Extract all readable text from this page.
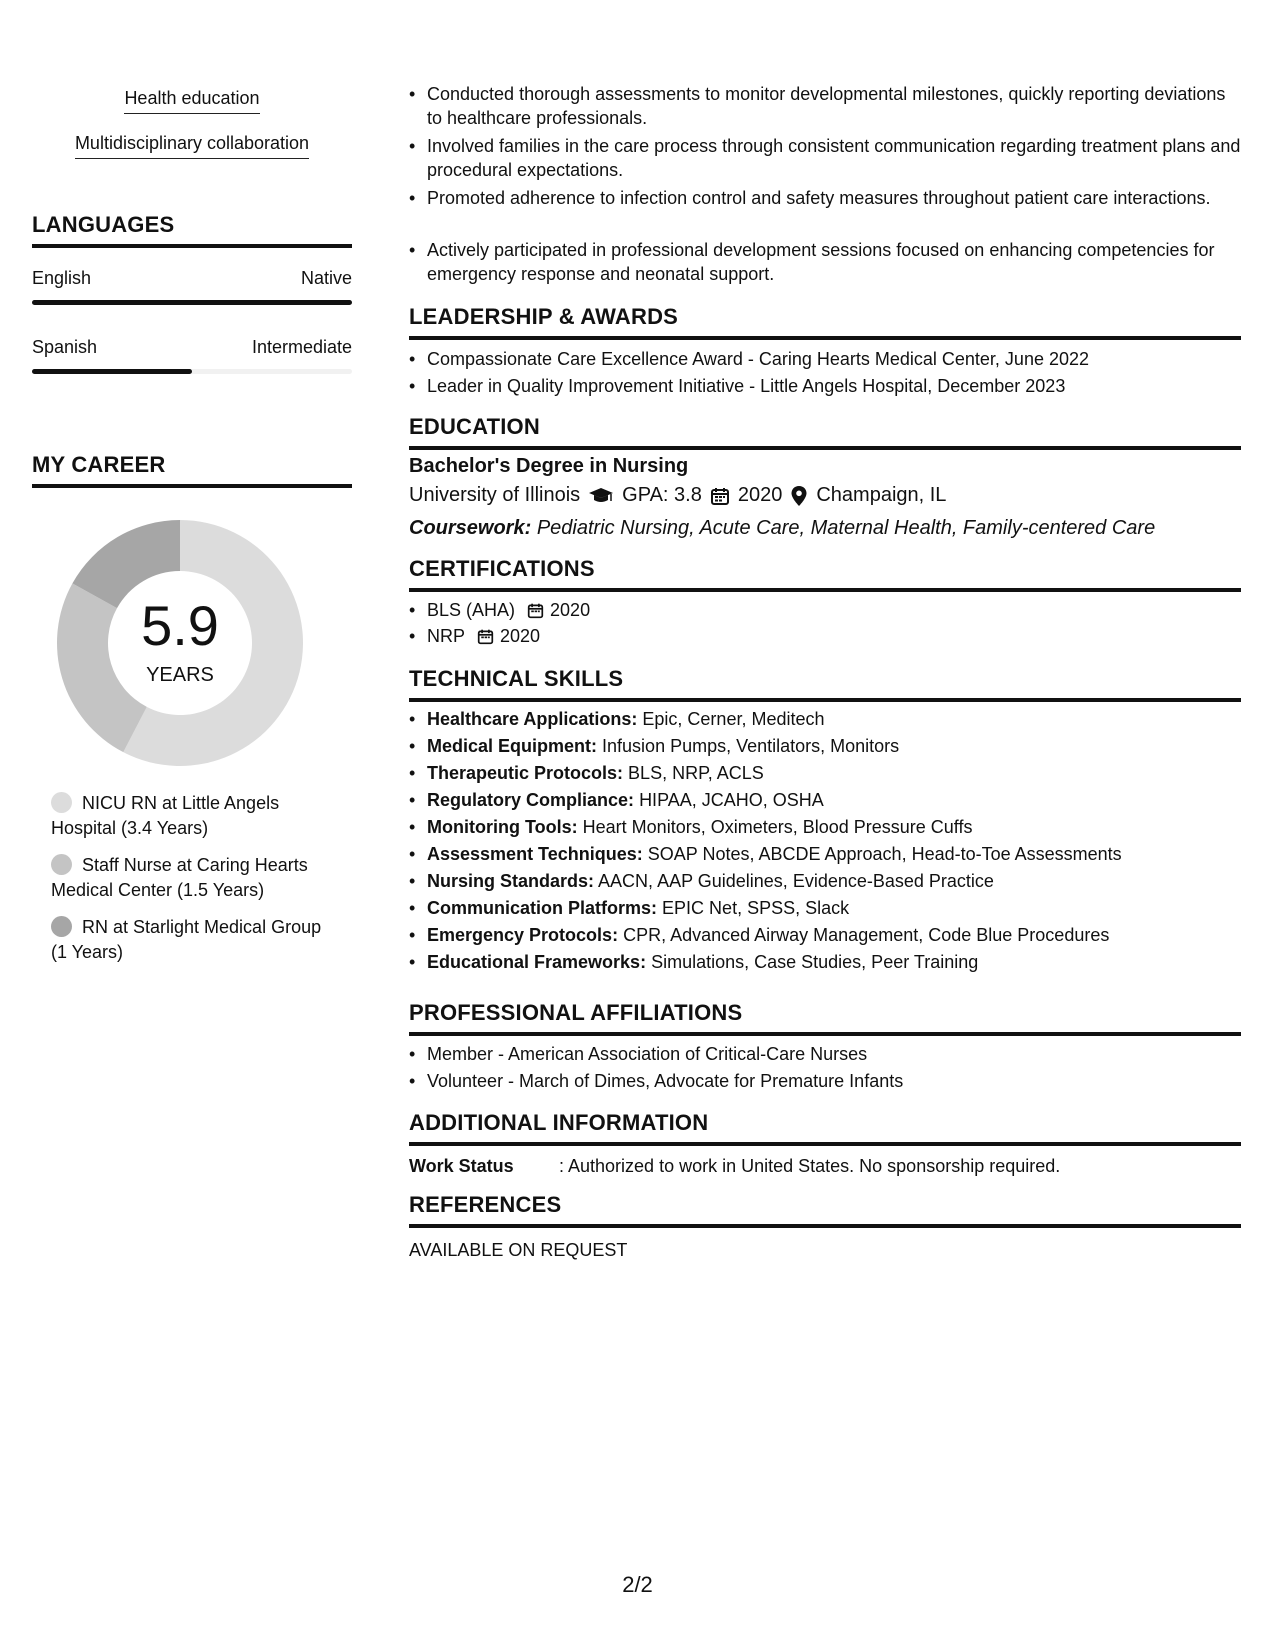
Health education
Multidisciplinary collaboration
LANGUAGES
English	Native
Spanish	Intermediate
MY CAREER
5.9
YEARS
NICU RN at Little Angels Hospital (3.4 Years)
Staff Nurse at Caring Hearts Medical Center (1.5 Years)
RN at Starlight Medical Group (1 Years)
• Conducted thorough assessments to monitor developmental milestones, quickly reporting deviations to healthcare professionals.
• Involved families in the care process through consistent communication regarding treatment plans and procedural expectations.
• Promoted adherence to infection control and safety measures throughout patient care interactions.
• Actively participated in professional development sessions focused on enhancing competencies for emergency response and neonatal support.
LEADERSHIP & AWARDS
• Compassionate Care Excellence Award - Caring Hearts Medical Center, June 2022
• Leader in Quality Improvement Initiative - Little Angels Hospital, December 2023
EDUCATION
Bachelor's Degree in Nursing
University of Illinois GPA: 3.8 2020 Champaign, IL
Coursework: Pediatric Nursing, Acute Care, Maternal Health, Family-centered Care
CERTIFICATIONS
• BLS (AHA) 2020
• NRP 2020
TECHNICAL SKILLS
• Healthcare Applications: Epic, Cerner, Meditech
• Medical Equipment: Infusion Pumps, Ventilators, Monitors
• Therapeutic Protocols: BLS, NRP, ACLS
• Regulatory Compliance: HIPAA, JCAHO, OSHA
• Monitoring Tools: Heart Monitors, Oximeters, Blood Pressure Cuffs
• Assessment Techniques: SOAP Notes, ABCDE Approach, Head-to-Toe Assessments
• Nursing Standards: AACN, AAP Guidelines, Evidence-Based Practice
• Communication Platforms: EPIC Net, SPSS, Slack
• Emergency Protocols: CPR, Advanced Airway Management, Code Blue Procedures
• Educational Frameworks: Simulations, Case Studies, Peer Training
PROFESSIONAL AFFILIATIONS
• Member - American Association of Critical-Care Nurses
• Volunteer - March of Dimes, Advocate for Premature Infants
ADDITIONAL INFORMATION
Work Status	: Authorized to work in United States. No sponsorship required.
REFERENCES
AVAILABLE ON REQUEST
2/2
